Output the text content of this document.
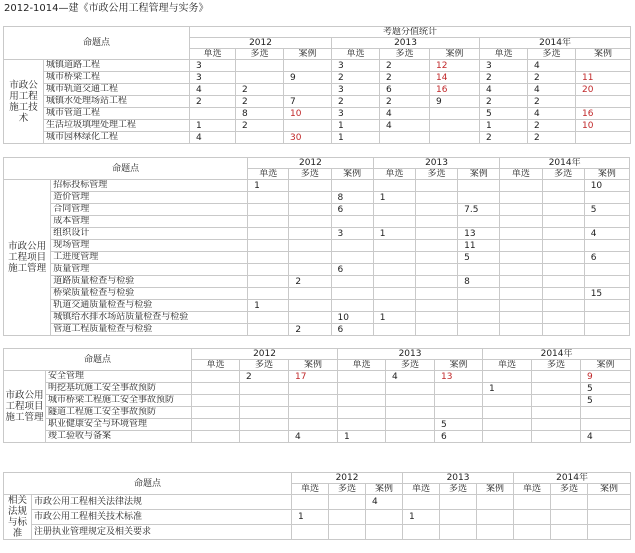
2012-1014—建《市政公用工程管理与实务》
命题点		考题分值统计								
		2012			2013			2014年		
		单选	多选	案例	单选	多选	案例	单选	多选	案例
市政公用工程施工技术	城镇道路工程	3			3	2	12	3	4	
	城市桥梁工程	3		9	2	2	14	2	2	11
	城市轨道交通工程	4	2		3	6	16	4	4	20
	城镇水处理场站工程	2	2	7	2	2	9	2	2	
	城市管道工程		8	10	3	4		5	4	16
	生活垃圾填埋处理工程	1	2		1	4		1	2	10
	城市园林绿化工程	4		30	1			2	2	
命题点		2012			2013			2014年		
		单选	多选	案例	单选	多选	案例	单选	多选	案例
市政公用工程项目施工管理	招标投标管理	1								10
	造价管理			8	1					
	合同管理			6			7.5			5
	成本管理									
	组织设计			3	1		13			4
	现场管理						11			
	工进度管理						5			6
	质量管理			6						
	道路质量检查与检验		2				8			
	桥梁质量检查与检验									15
	轨道交通质量检查与检验	1								
	城镇给水排水场站质量检查与检验			10	1					
	管道工程质量检查与检验		2	6						
命题点		2012			2013			2014年		
		单选	多选	案例	单选	多选	案例	单选	多选	案例
市政公用工程项目施工管理	安全管理		2	17		4	13			9
	明挖基坑施工安全事故预防							1		5
	城市桥梁工程施工安全事故预防									5
	隧道工程施工安全事故预防									
	职业健康安全与环境管理						5			
	竣工验收与备案			4	1		6			4
命题点		2012			2013			2014年		
		单选	多选	案例	单选	多选	案例	单选	多选	案例
相关法规与标准	市政公用工程相关法律法规			4						
	市政公用工程相关技术标准	1			1					
	注册执业管理规定及相关要求									
